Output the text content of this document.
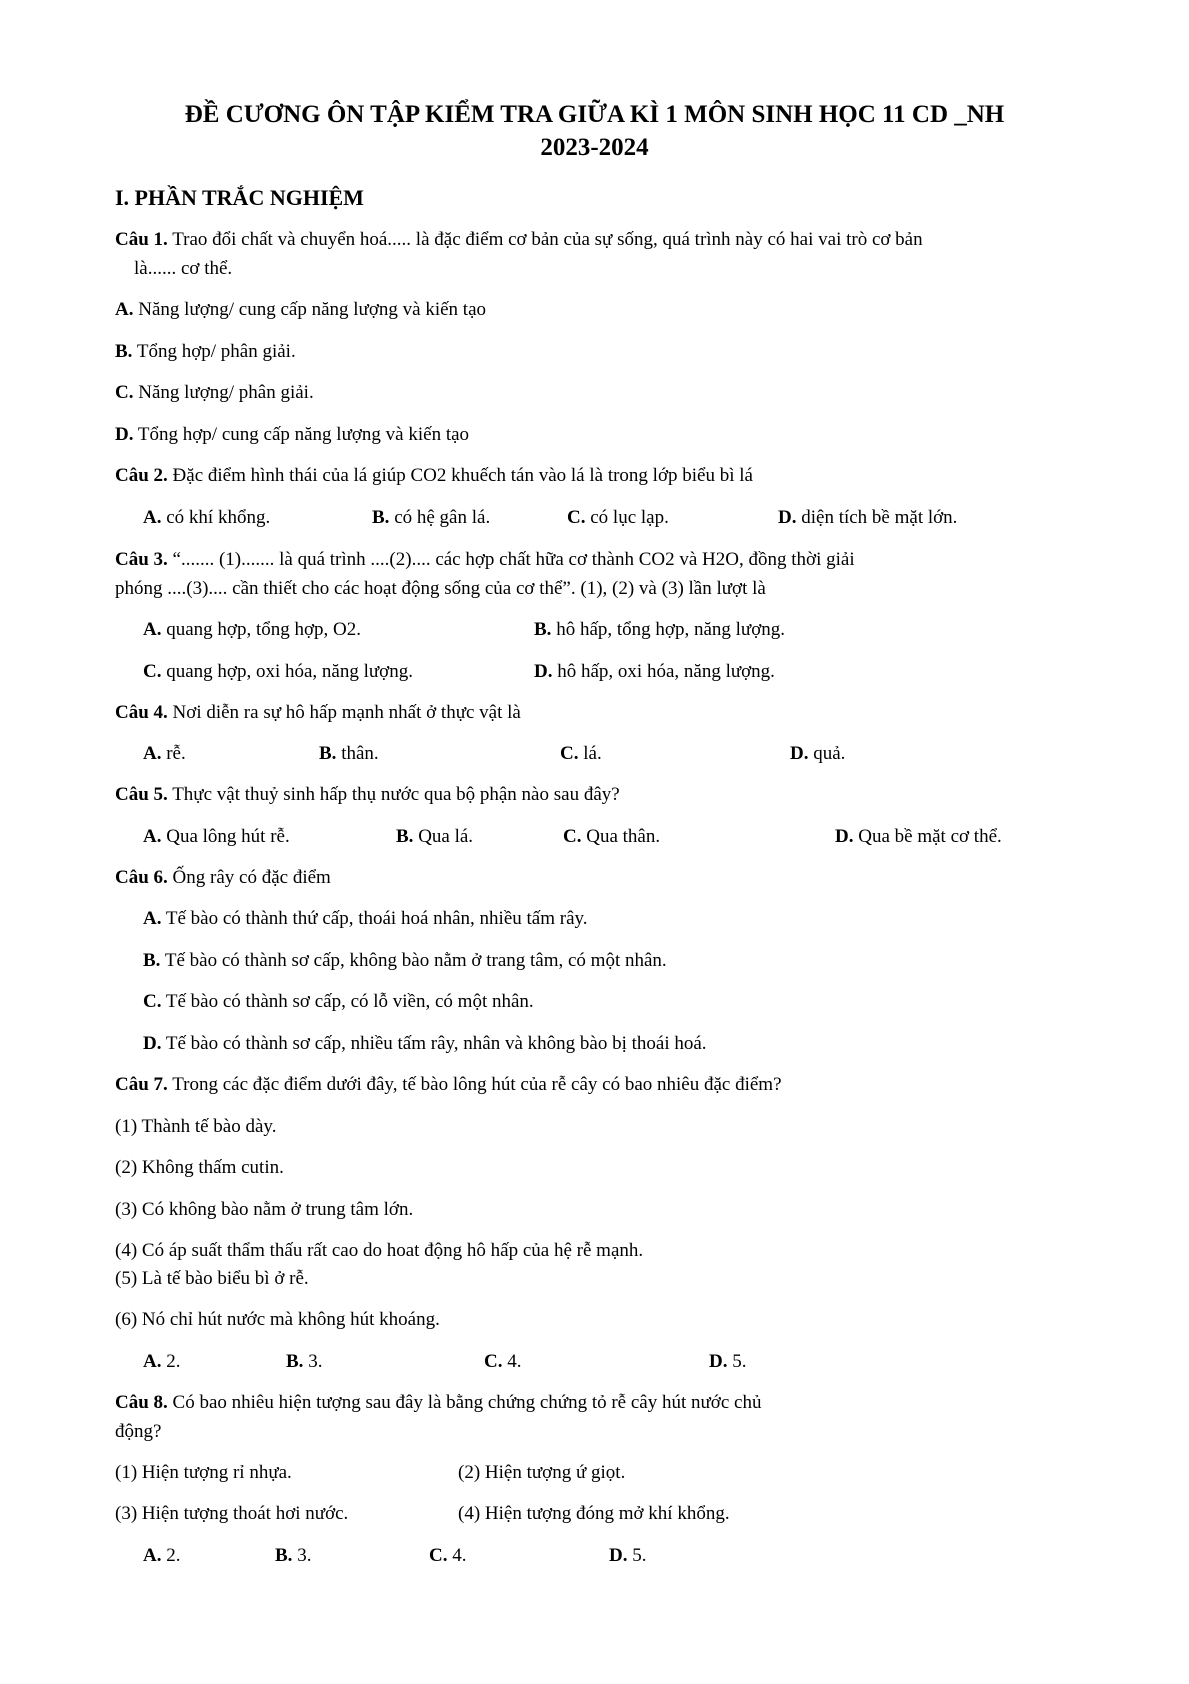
ĐỀ CƯƠNG ÔN TẬP KIỂM TRA GIỮA KÌ 1 MÔN SINH HỌC 11 CD _NH
2023-2024
I. PHẦN TRẮC NGHIỆM
Câu 1. Trao đổi chất và chuyển hoá..... là đặc điểm cơ bản của sự sống, quá trình này có hai vai trò cơ bản
là...... cơ thể.
A. Năng lượng/ cung cấp năng lượng và kiến tạo
B. Tổng hợp/ phân giải.
C. Năng lượng/ phân giải.
D. Tổng hợp/ cung cấp năng lượng và kiến tạo
Câu 2. Đặc điểm hình thái của lá giúp CO2 khuếch tán vào lá là trong lớp biểu bì lá
A. có khí khổng.	B. có hệ gân lá.	C. có lục lạp.	D. diện tích bề mặt lớn.
Câu 3. “....... (1)....... là quá trình ....(2).... các hợp chất hữa cơ thành CO2 và H2O, đồng thời giải
phóng ....(3).... cần thiết cho các hoạt động sống của cơ thể”. (1), (2) và (3) lần lượt là
A. quang hợp, tổng hợp, O2.	B. hô hấp, tổng hợp, năng lượng.
C. quang hợp, oxi hóa, năng lượng.	D. hô hấp, oxi hóa, năng lượng.
Câu 4. Nơi diễn ra sự hô hấp mạnh nhất ở thực vật là
A. rễ.	B. thân.	C. lá.	D. quả.
Câu 5. Thực vật thuỷ sinh hấp thụ nước qua bộ phận nào sau đây?
A. Qua lông hút rễ.	B. Qua lá.	C. Qua thân.	D. Qua bề mặt cơ thể.
Câu 6. Ống rây có đặc điểm
A. Tế bào có thành thứ cấp, thoái hoá nhân, nhiều tấm rây.
B. Tế bào có thành sơ cấp, không bào nằm ở trang tâm, có một nhân.
C. Tế bào có thành sơ cấp, có lỗ viền, có một nhân.
D. Tế bào có thành sơ cấp, nhiều tấm rây, nhân và không bào bị thoái hoá.
Câu 7. Trong các đặc điểm dưới đây, tế bào lông hút của rễ cây có bao nhiêu đặc điểm?
(1) Thành tế bào dày.
(2) Không thấm cutin.
(3) Có không bào nằm ở trung tâm lớn.
(4) Có áp suất thẩm thấu rất cao do hoat động hô hấp của hệ rễ mạnh.
(5) Là tế bào biểu bì ở rễ.
(6) Nó chỉ hút nước mà không hút khoáng.
A. 2.	B. 3.	C. 4.	D. 5.
Câu 8. Có bao nhiêu hiện tượng sau đây là bằng chứng chứng tỏ rễ cây hút nước chủ
động?
(1) Hiện tượng rỉ nhựa.	(2) Hiện tượng ứ giọt.
(3) Hiện tượng thoát hơi nước.	(4) Hiện tượng đóng mở khí khổng.
A. 2.	B. 3.	C. 4.	D. 5.
